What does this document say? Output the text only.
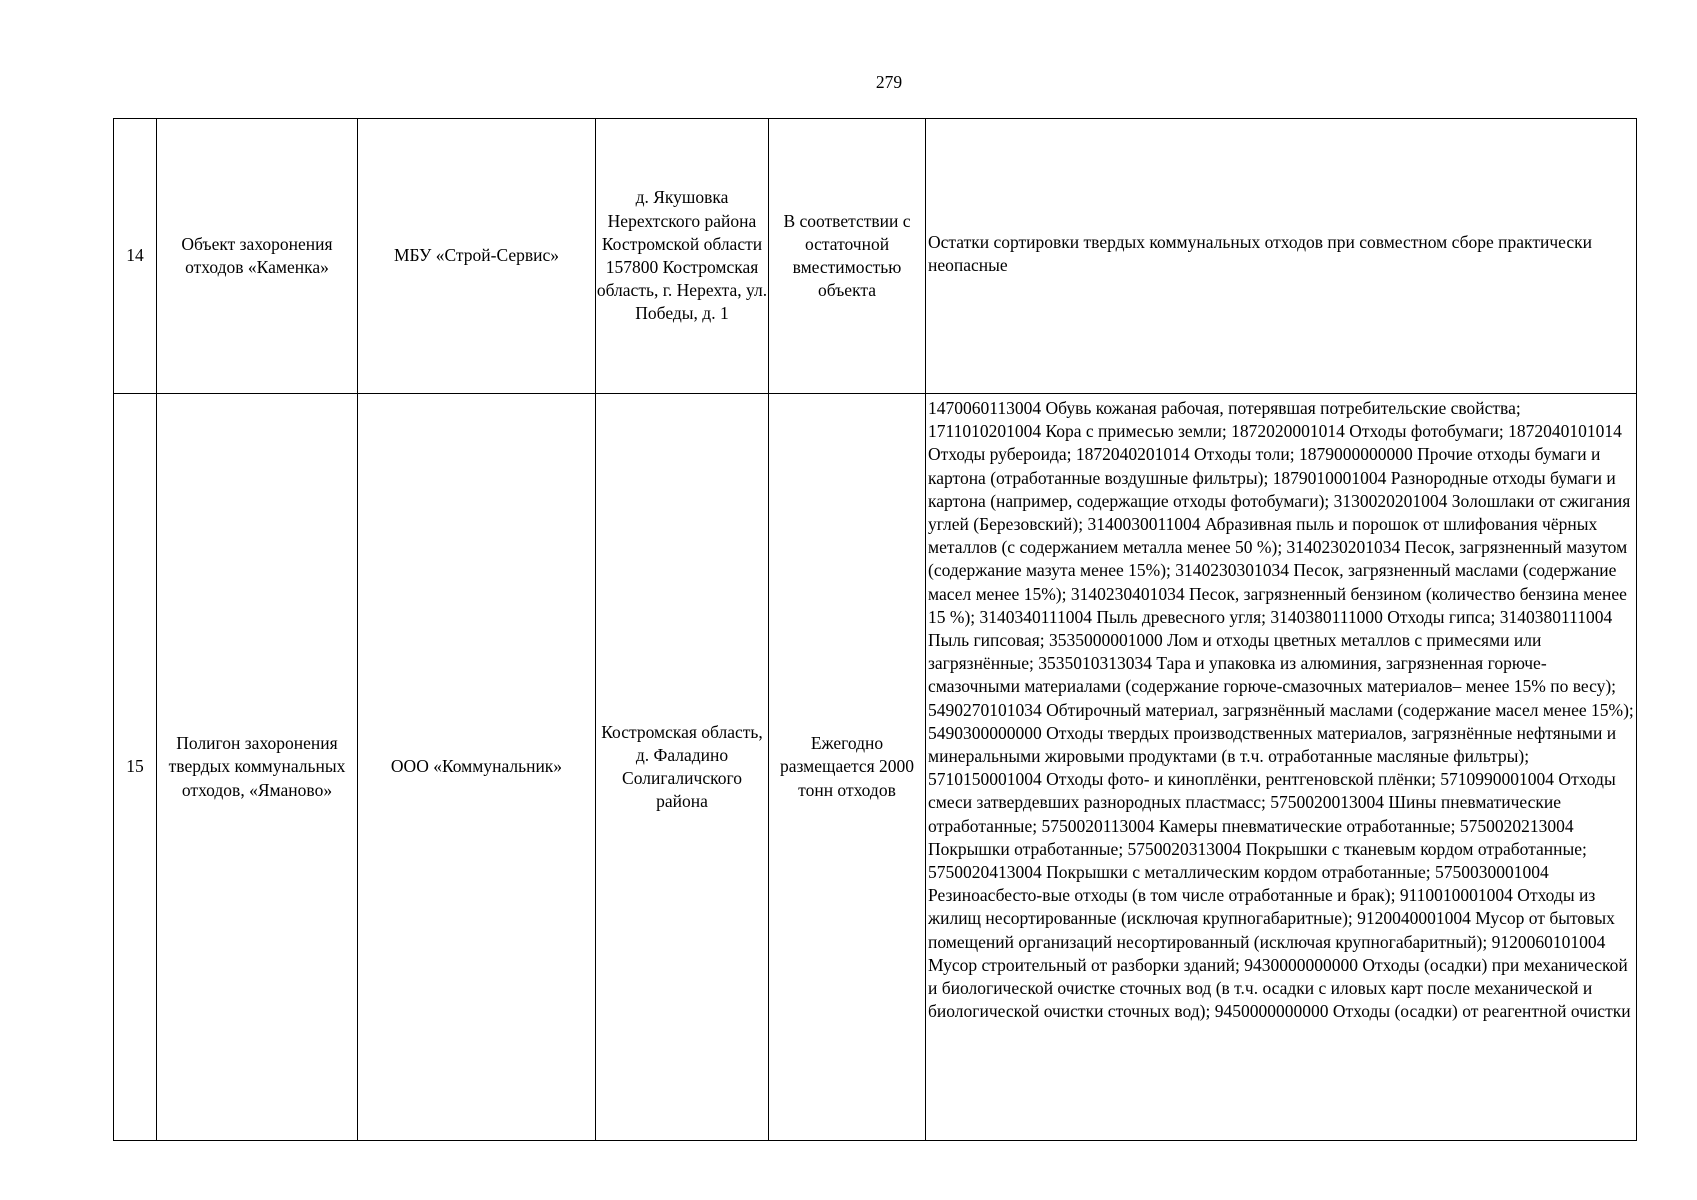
279
14	Объект захоронения отходов «Каменка»	МБУ «Строй-Сервис»	д. Якушовка Нерехтского района Костромской области 157800 Костромская область, г. Нерехта, ул. Победы, д. 1	В соответствии с остаточной вместимостью объекта	Остатки сортировки твердых коммунальных отходов при совместном сборе практически неопасные
15	Полигон захоронения твердых коммунальных отходов, «Ямановo»	ООО «Коммунальник»	Костромская область, д. Фаладино Солигаличского района	Ежегодно размещается 2000 тонн отходов	1470060113004 Обувь кожаная рабочая, потерявшая потребительские свойства; 1711010201004 Кора с примесью земли; 1872020001014 Отходы фотобумаги; 1872040101014 Отходы рубероида; 1872040201014 Отходы толи; 1879000000000 Прочие отходы бумаги и картона (отработанные воздушные фильтры); 1879010001004 Разнородные отходы бумаги и картона (например, содержащие отходы фотобумаги); 3130020201004 Золошлаки от сжигания углей (Березовский); 3140030011004 Абразивная пыль и порошок от шлифования чёрных металлов (с содержанием металла менее 50 %); 3140230201034 Песок, загрязненный мазутом (содержание мазута менее 15%); 3140230301034 Песок, загрязненный маслами (содержание масел менее 15%); 3140230401034 Песок, загрязненный бензином (количество бензина менее 15 %); 3140340111004 Пыль древесного угля; 3140380111000 Отходы гипса; 3140380111004 Пыль гипсовая; 3535000001000 Лом и отходы цветных металлов с примесями или загрязнённые; 3535010313034 Тара и упаковка из алюминия, загрязненная горюче-смазочными материалами (содержание горюче-смазочных материалов– менее 15% по весу); 5490270101034 Обтирочный материал, загрязнённый маслами (содержание масел менее 15%); 5490300000000 Отходы твердых производственных материалов, загрязнённые нефтяными и минеральными жировыми продуктами (в т.ч. отработанные масляные фильтры); 5710150001004 Отходы фото- и киноплёнки, рентгеновской плёнки; 5710990001004 Отходы смеси затвердевших разнородных пластмасс; 5750020013004 Шины пневматические отработанные; 5750020113004 Камеры пневматические отработанные; 5750020213004 Покрышки отработанные; 5750020313004 Покрышки с тканевым кордом отработанные; 5750020413004 Покрышки с металлическим кордом отработанные; 5750030001004 Резиноасбесто-вые отходы (в том числе отработанные и брак); 9110010001004 Отходы из жилищ несортированные (исключая крупногабаритные); 9120040001004 Мусор от бытовых помещений организаций несортированный (исключая крупногабаритный); 9120060101004 Мусор строительный от разборки зданий; 9430000000000 Отходы (осадки) при механической и биологической очистке сточных вод (в т.ч. осадки с иловых карт после механической и биологической очистки сточных вод); 9450000000000 Отходы (осадки) от реагентной очистки
